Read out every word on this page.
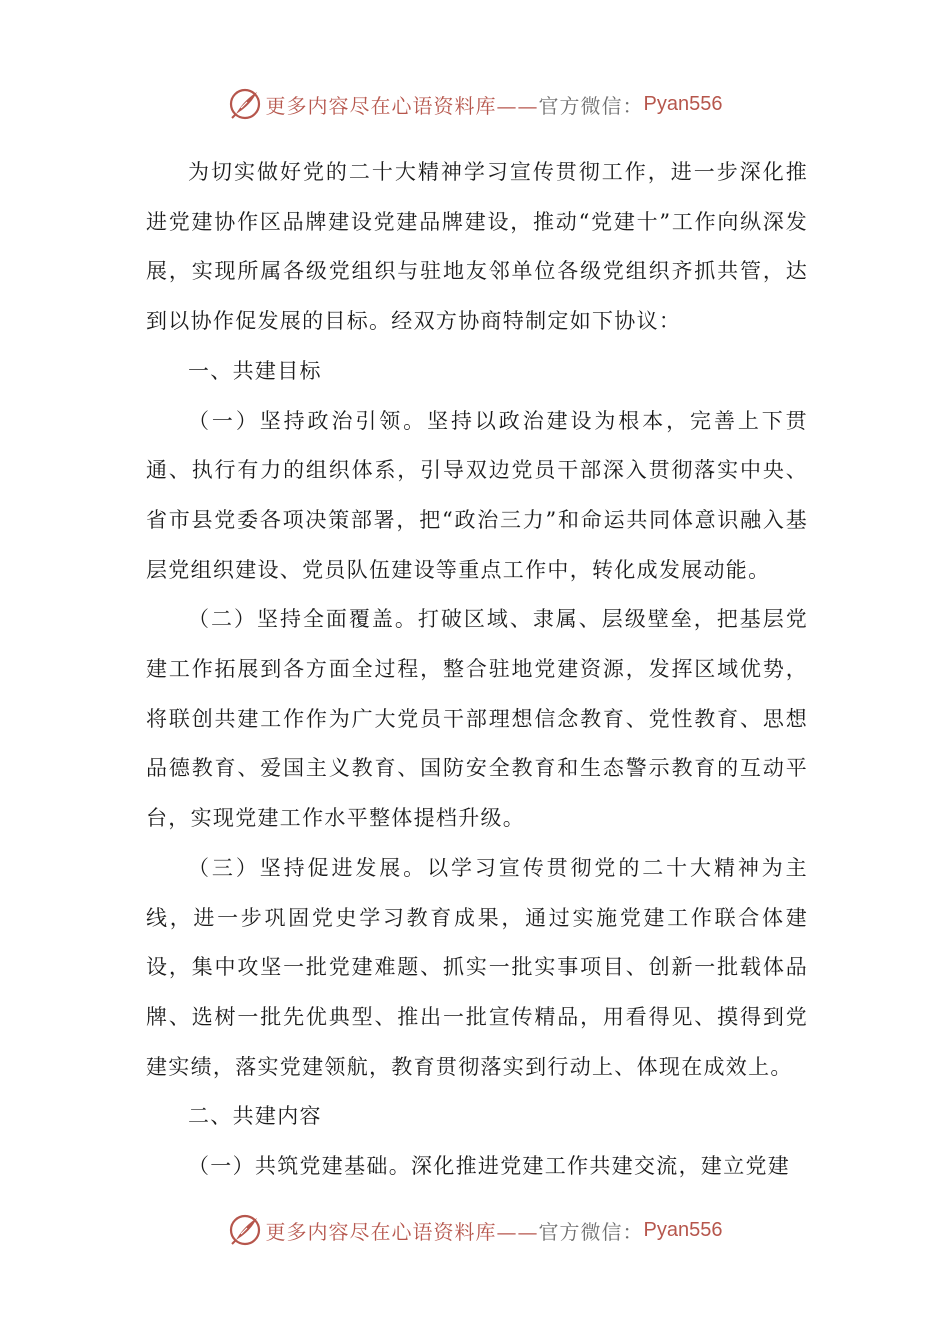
更多内容尽在心语资料库—— 官方微信： Pyan556

为切实做好党的二十大精神学习宣传贯彻工作，进一步深化推进党建协作区品牌建设党建品牌建设，推动“党建十”工作向纵深发展，实现所属各级党组织与驻地友邻单位各级党组织齐抓共管，达到以协作促发展的目标。经双方协商特制定如下协议：

一、共建目标

（一）坚持政治引领。坚持以政治建设为根本，完善上下贯通、执行有力的组织体系，引导双边党员干部深入贯彻落实中央、省市县党委各项决策部署，把“政治三力”和命运共同体意识融入基层党组织建设、党员队伍建设等重点工作中，转化成发展动能。

（二）坚持全面覆盖。打破区域、隶属、层级壁垒，把基层党建工作拓展到各方面全过程，整合驻地党建资源，发挥区域优势，将联创共建工作作为广大党员干部理想信念教育、党性教育、思想品德教育、爱国主义教育、国防安全教育和生态警示教育的互动平台，实现党建工作水平整体提档升级。

（三）坚持促进发展。以学习宣传贯彻党的二十大精神为主线，进一步巩固党史学习教育成果，通过实施党建工作联合体建设，集中攻坚一批党建难题、抓实一批实事项目、创新一批载体品牌、选树一批先优典型、推出一批宣传精品，用看得见、摸得到党建实绩，落实党建领航，教育贯彻落实到行动上、体现在成效上。

二、共建内容

（一）共筑党建基础。深化推进党建工作共建交流，建立党建

更多内容尽在心语资料库—— 官方微信： Pyan556
